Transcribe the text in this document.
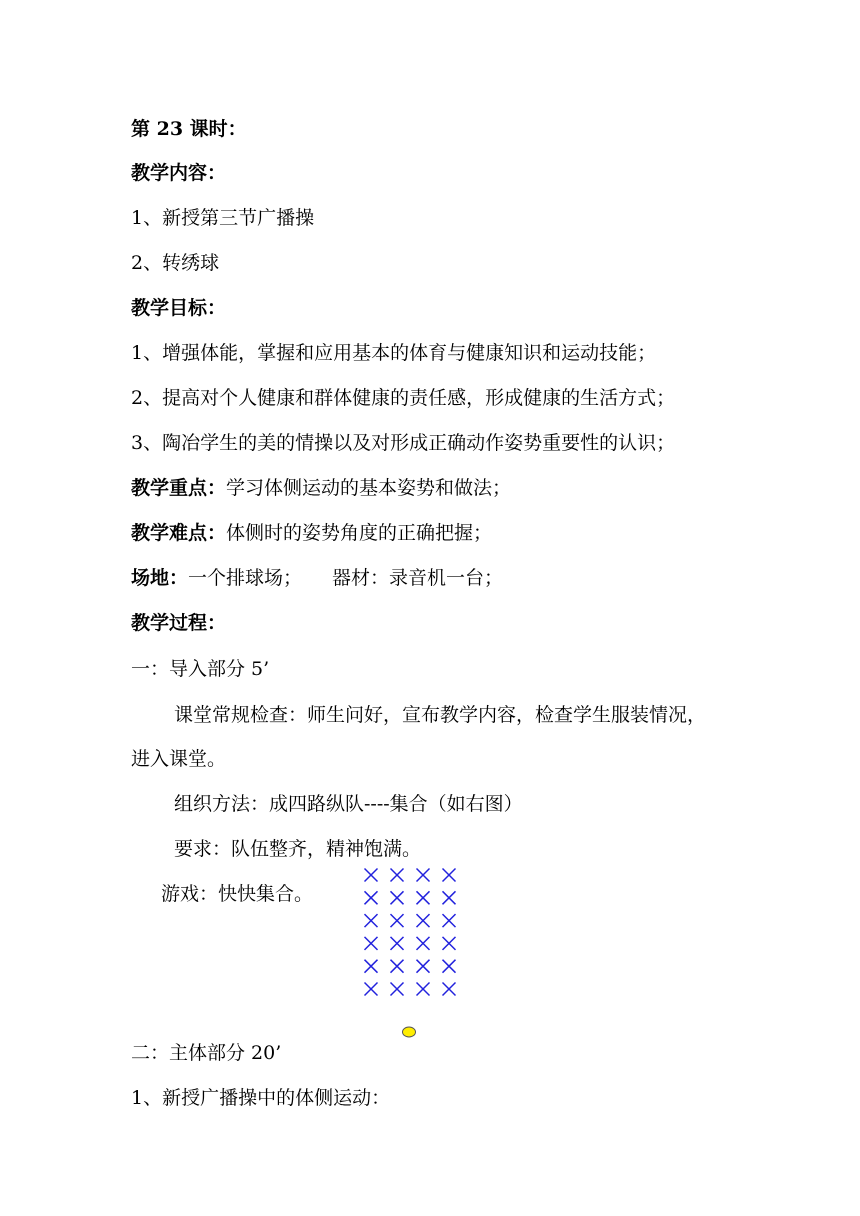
第 23 课时：
教学内容：
1、新授第三节广播操
2、转绣球
教学目标：
1、增强体能，掌握和应用基本的体育与健康知识和运动技能；
2、提高对个人健康和群体健康的责任感，形成健康的生活方式；
3、陶冶学生的美的情操以及对形成正确动作姿势重要性的认识；
教学重点：学习体侧运动的基本姿势和做法；
教学难点：体侧时的姿势角度的正确把握；
场地：一个排球场； 器材：录音机一台；
教学过程：
一：导入部分 5’
课堂常规检查：师生问好，宣布教学内容，检查学生服装情况，
进入课堂。
组织方法：成四路纵队----集合（如右图）
要求：队伍整齐，精神饱满。
游戏：快快集合。
二：主体部分 20’
1、新授广播操中的体侧运动：
